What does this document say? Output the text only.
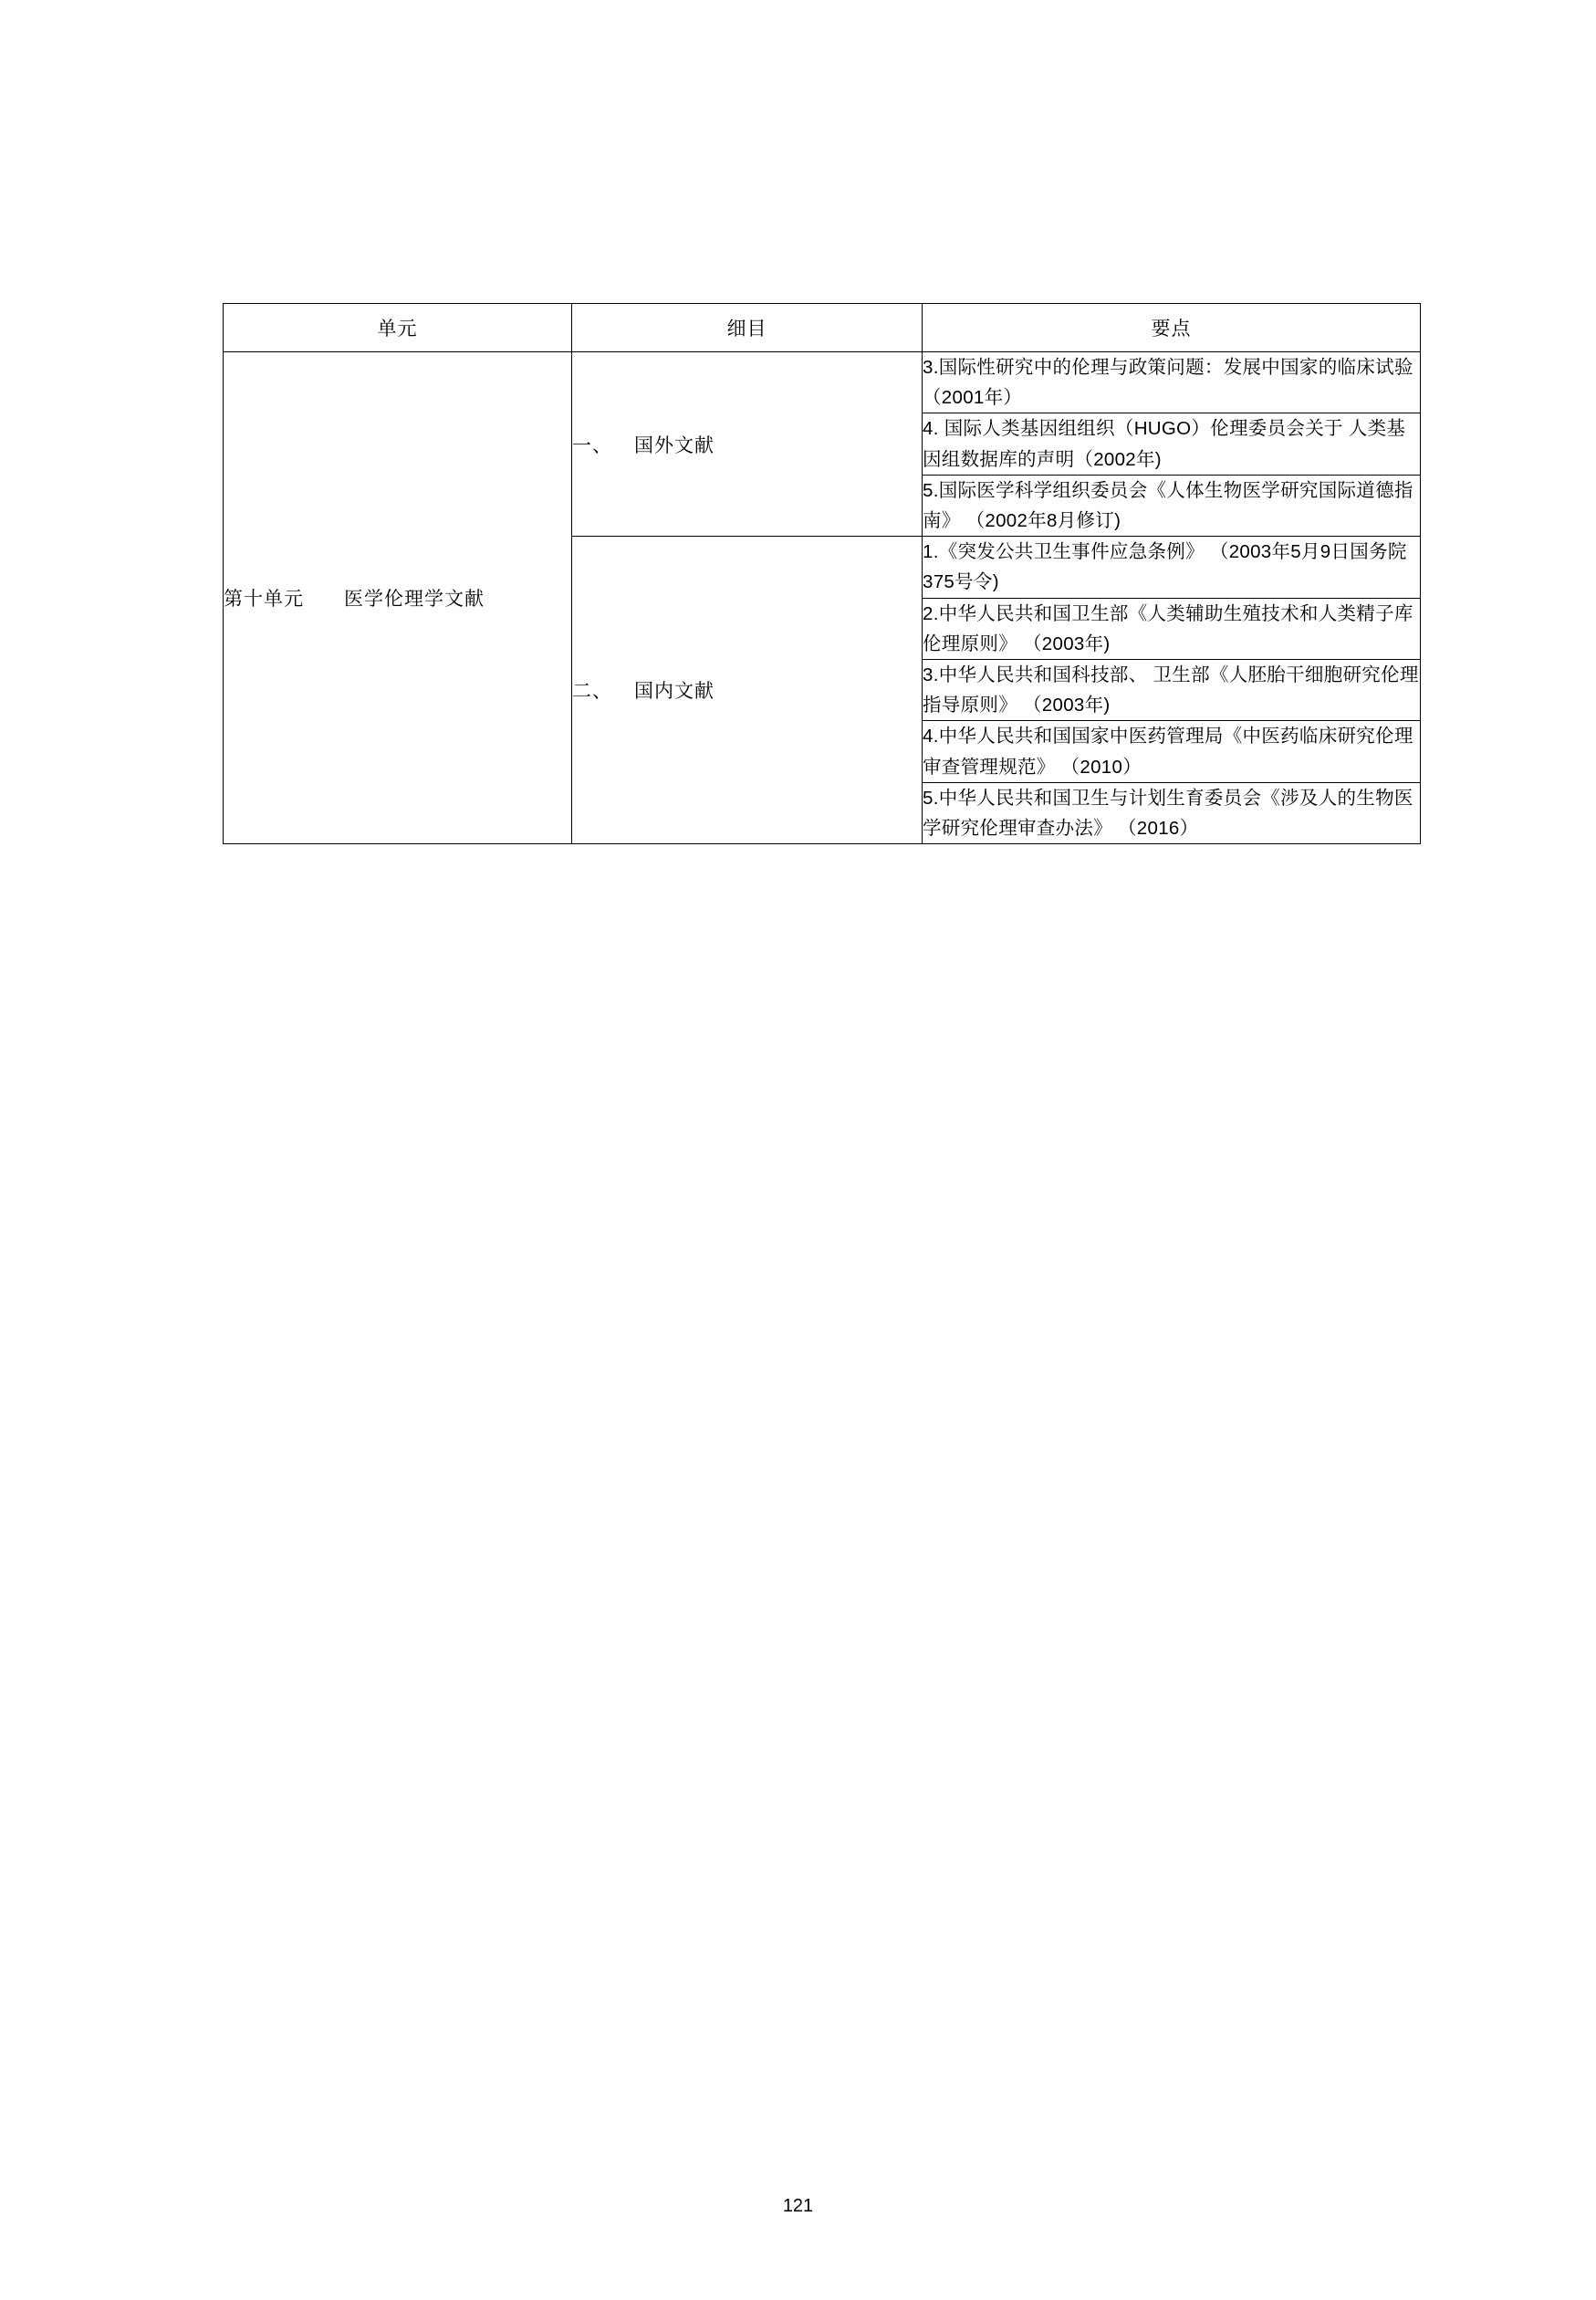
单元	细目	要点
第十单元　　医学伦理学文献	一、 国外文献	3.国际性研究中的伦理与政策问题：发展中国家的临床试验（2001年）
		4. 国际人类基因组组织（HUGO）伦理委员会关于 人类基因组数据库的声明（2002年)
		5.国际医学科学组织委员会《人体生物医学研究国际道德指南》 （2002年8月修订)
	二、 国内文献	1.《突发公共卫生事件应急条例》 （2003年5月9日国务院375号令)
		2.中华人民共和国卫生部《人类辅助生殖技术和人类精子库伦理原则》 （2003年)
		3.中华人民共和国科技部、 卫生部《人胚胎干细胞研究伦理指导原则》 （2003年)
		4.中华人民共和国国家中医药管理局《中医药临床研究伦理审查管理规范》 （2010）
		5.中华人民共和国卫生与计划生育委员会《涉及人的生物医学研究伦理审查办法》 （2016）
121
